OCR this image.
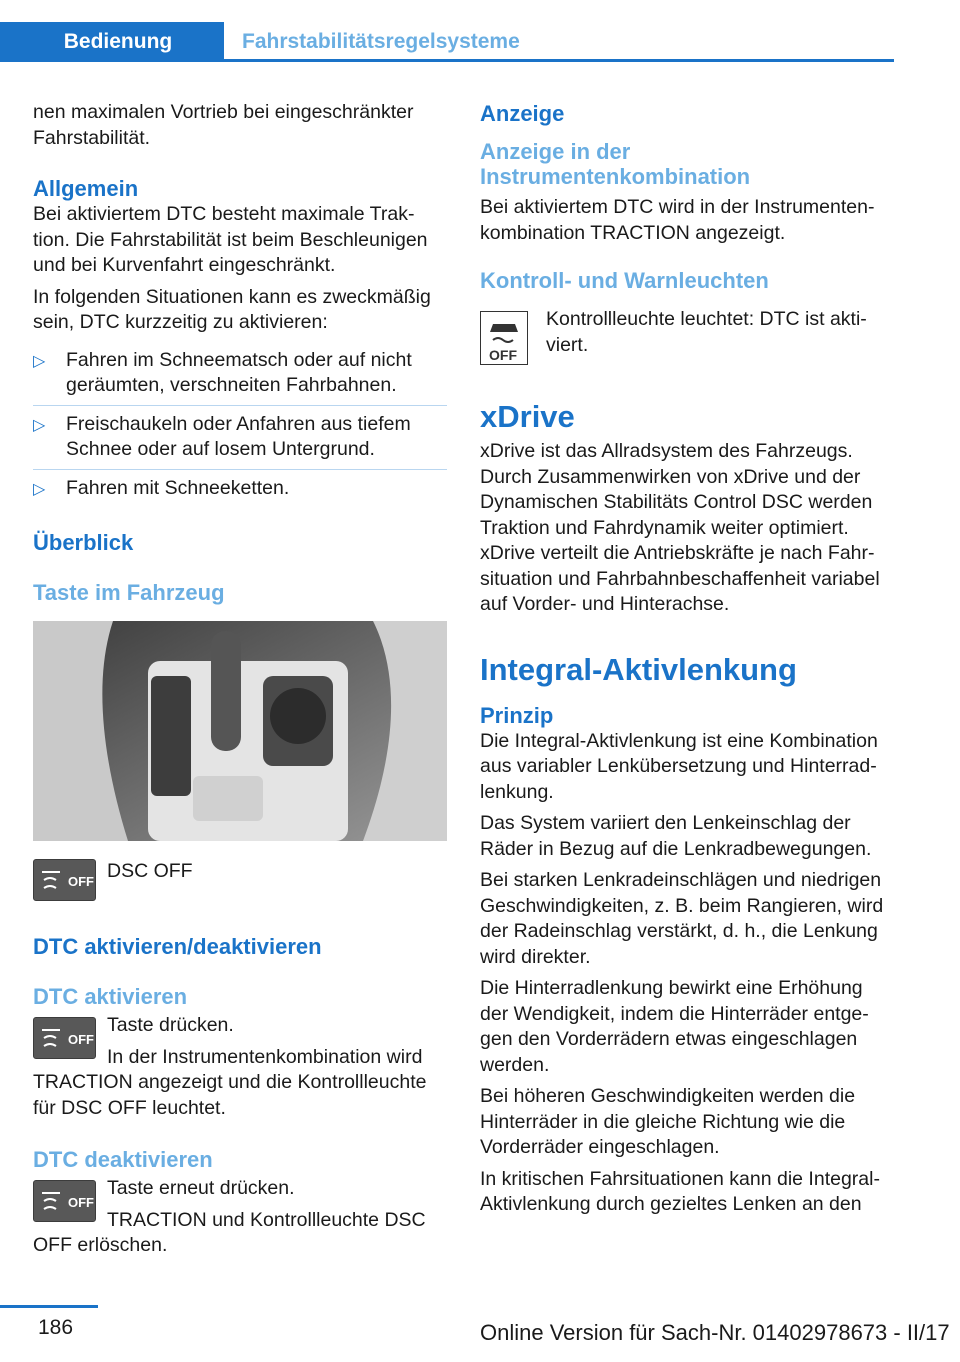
Bedienung	Fahrstabilitätsregelsysteme

nen maximalen Vortrieb bei eingeschränkter Fahrstabilität.

Allgemein

Bei aktiviertem DTC besteht maximale Trak-tion. Die Fahrstabilität ist beim Beschleunigen und bei Kurvenfahrt eingeschränkt.

In folgenden Situationen kann es zweckmäßig sein, DTC kurzzeitig zu aktivieren:

▷ Fahren im Schneematsch oder auf nicht geräumten, verschneiten Fahrbahnen.
▷ Freischaukeln oder Anfahren aus tiefem Schnee oder auf losem Untergrund.
▷ Fahren mit Schneeketten.
Überblick
Taste im Fahrzeug
OFF DSC OFF

DTC aktivieren/deaktivieren
DTC aktivieren
OFF

Taste drücken.

In der Instrumentenkombination wird TRACTION angezeigt und die Kontrollleuchte für DSC OFF leuchtet.

DTC deaktivieren
OFF

Taste erneut drücken.

TRACTION und Kontrollleuchte DSC OFF erlöschen.

Anzeige
Anzeige in der Instrumentenkombination

Bei aktiviertem DTC wird in der Instrumenten-kombination TRACTION angezeigt.

Kontroll- und Warnleuchten
OFF

Kontrollleuchte leuchtet: DTC ist akti-viert.

xDrive

xDrive ist das Allradsystem des Fahrzeugs. Durch Zusammenwirken von xDrive und der Dynamischen Stabilitäts Control DSC werden Traktion und Fahrdynamik weiter optimiert.

xDrive verteilt die Antriebskräfte je nach Fahr-situation und Fahrbahnbeschaffenheit variabel auf Vorder- und Hinterachse.

Integral-Aktivlenkung
Prinzip

Die Integral-Aktivlenkung ist eine Kombination aus variabler Lenkübersetzung und Hinterrad-lenkung.

Das System variiert den Lenkeinschlag der Räder in Bezug auf die Lenkradbewegungen.

Bei starken Lenkradeinschlägen und niedrigen Geschwindigkeiten, z. B. beim Rangieren, wird der Radeinschlag verstärkt, d. h., die Lenkung wird direkter.

Die Hinterradlenkung bewirkt eine Erhöhung der Wendigkeit, indem die Hinterräder entge-gen den Vorderrädern etwas eingeschlagen werden.

Bei höheren Geschwindigkeiten werden die Hinterräder in die gleiche Richtung wie die Vorderräder eingeschlagen.

In kritischen Fahrsituationen kann die Integral-Aktivlenkung durch gezieltes Lenken an den

186	Online Version für Sach-Nr. 01402978673 - II/17
